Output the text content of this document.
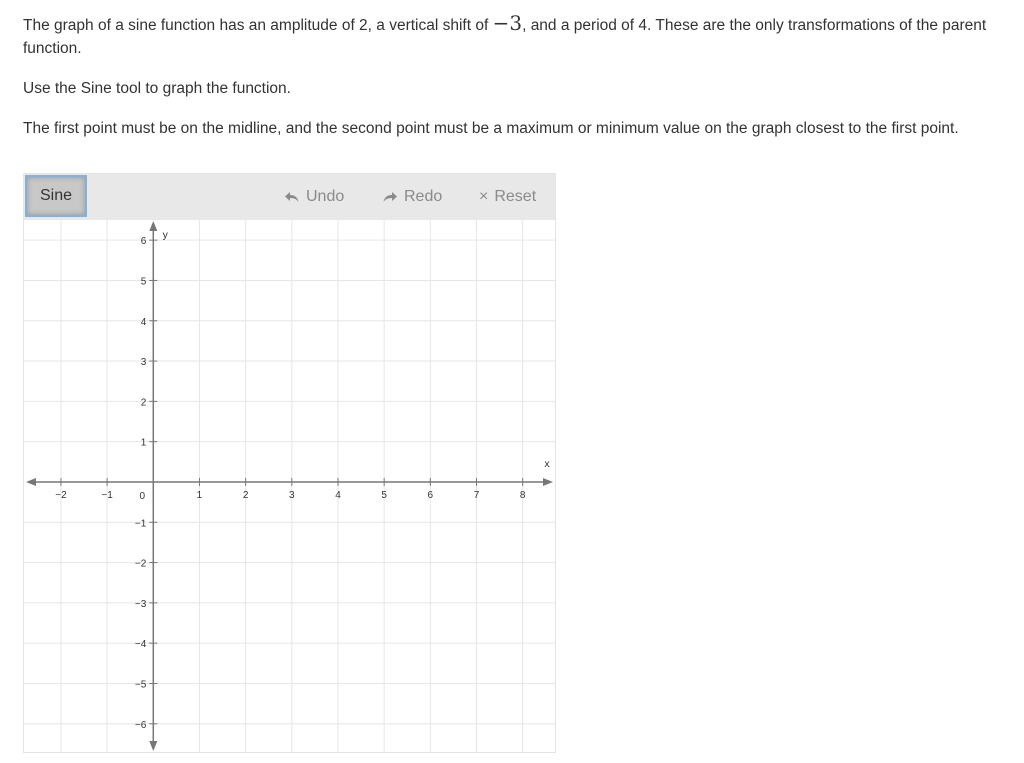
The graph of a sine function has an amplitude of 2, a vertical shift of −3, and a period of 4. These are the only transformations of the parent function.

Use the Sine tool to graph the function.

The first point must be on the midline, and the second point must be a maximum or minimum value on the graph closest to the first point.

Sine	Undo	Redo × Reset
−2	−1	1	2	3	4	5	6	7	8
0
−6
−5
−4
−3
−2
−1
1
2
3
4
5
6
x
y
